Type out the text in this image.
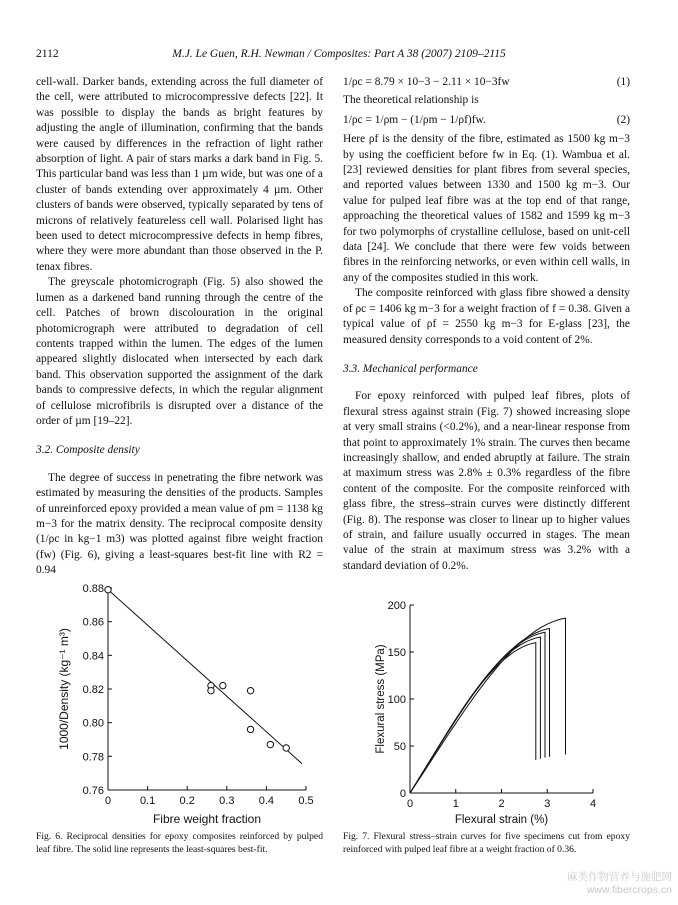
2112	M.J. Le Guen, R.H. Newman / Composites: Part A 38 (2007) 2109–2115

cell-wall. Darker bands, extending across the full diameter of the cell, were attributed to microcompressive defects [22]. It was possible to display the bands as bright features by adjusting the angle of illumination, confirming that the bands were caused by differences in the refraction of light rather absorption of light. A pair of stars marks a dark band in Fig. 5. This particular band was less than 1 µm wide, but was one of a cluster of bands extending over approximately 4 µm. Other clusters of bands were observed, typically separated by tens of microns of relatively featureless cell wall. Polarised light has been used to detect microcompressive defects in hemp fibres, where they were more abundant than those observed in the P. tenax fibres.

The greyscale photomicrograph (Fig. 5) also showed the lumen as a darkened band running through the centre of the cell. Patches of brown discolouration in the original photomicrograph were attributed to degradation of cell contents trapped within the lumen. The edges of the lumen appeared slightly dislocated when intersected by each dark band. This observation supported the assignment of the dark bands to compressive defects, in which the regular alignment of cellulose microfibrils is disrupted over a distance of the order of µm [19–22].

3.2. Composite density

The degree of success in penetrating the fibre network was estimated by measuring the densities of the products. Samples of unreinforced epoxy provided a mean value of ρm = 1138 kg m−3 for the matrix density. The reciprocal composite density (1/ρc in kg−1 m3) was plotted against fibre weight fraction (fw) (Fig. 6), giving a least-squares best-fit line with R2 = 0.94

1/ρc = 8.79 × 10−3 − 2.11 × 10−3fw	(1)

The theoretical relationship is

1/ρc = 1/ρm − (1/ρm − 1/ρf)fw.	(2)

Here ρf is the density of the fibre, estimated as 1500 kg m−3 by using the coefficient before fw in Eq. (1). Wambua et al. [23] reviewed densities for plant fibres from several species, and reported values between 1330 and 1500 kg m−3. Our value for pulped leaf fibre was at the top end of that range, approaching the theoretical values of 1582 and 1599 kg m−3 for two polymorphs of crystalline cellulose, based on unit-cell data [24]. We conclude that there were few voids between fibres in the reinforcing networks, or even within cell walls, in any of the composites studied in this work.

The composite reinforced with glass fibre showed a density of ρc = 1406 kg m−3 for a weight fraction of f = 0.38. Given a typical value of ρf = 2550 kg m−3 for E-glass [23], the measured density corresponds to a void content of 2%.

3.3. Mechanical performance

For epoxy reinforced with pulped leaf fibres, plots of flexural stress against strain (Fig. 7) showed increasing slope at very small strains (<0.2%), and a near-linear response from that point to approximately 1% strain. The curves then became increasingly shallow, and ended abruptly at failure. The strain at maximum stress was 2.8% ± 0.3% regardless of the fibre content of the composite. For the composite reinforced with glass fibre, the stress–strain curves were distinctly different (Fig. 8). The response was closer to linear up to higher values of strain, and failure usually occurred in stages. The mean value of the strain at maximum stress was 3.2% with a standard deviation of 0.2%.

0	0.1 0.2 0.3 0.4 0.5
0.76
0.78
0.80
0.82
0.84
0.86
0.88
Fibre weight fraction
1000/Density (kg⁻¹ m³)
0	1	2	3	4
0
50
100
150
200
Flexural strain (%)
Flexural stress (MPa)
Fig. 6. Reciprocal densities for epoxy composites reinforced by pulped leaf fibre. The solid line represents the least-squares best-fit.
Fig. 7. Flexural stress–strain curves for five specimens cut from epoxy reinforced with pulped leaf fibre at a weight fraction of 0.36.
麻类作物营养与施肥网
www.fibercrops.cn
